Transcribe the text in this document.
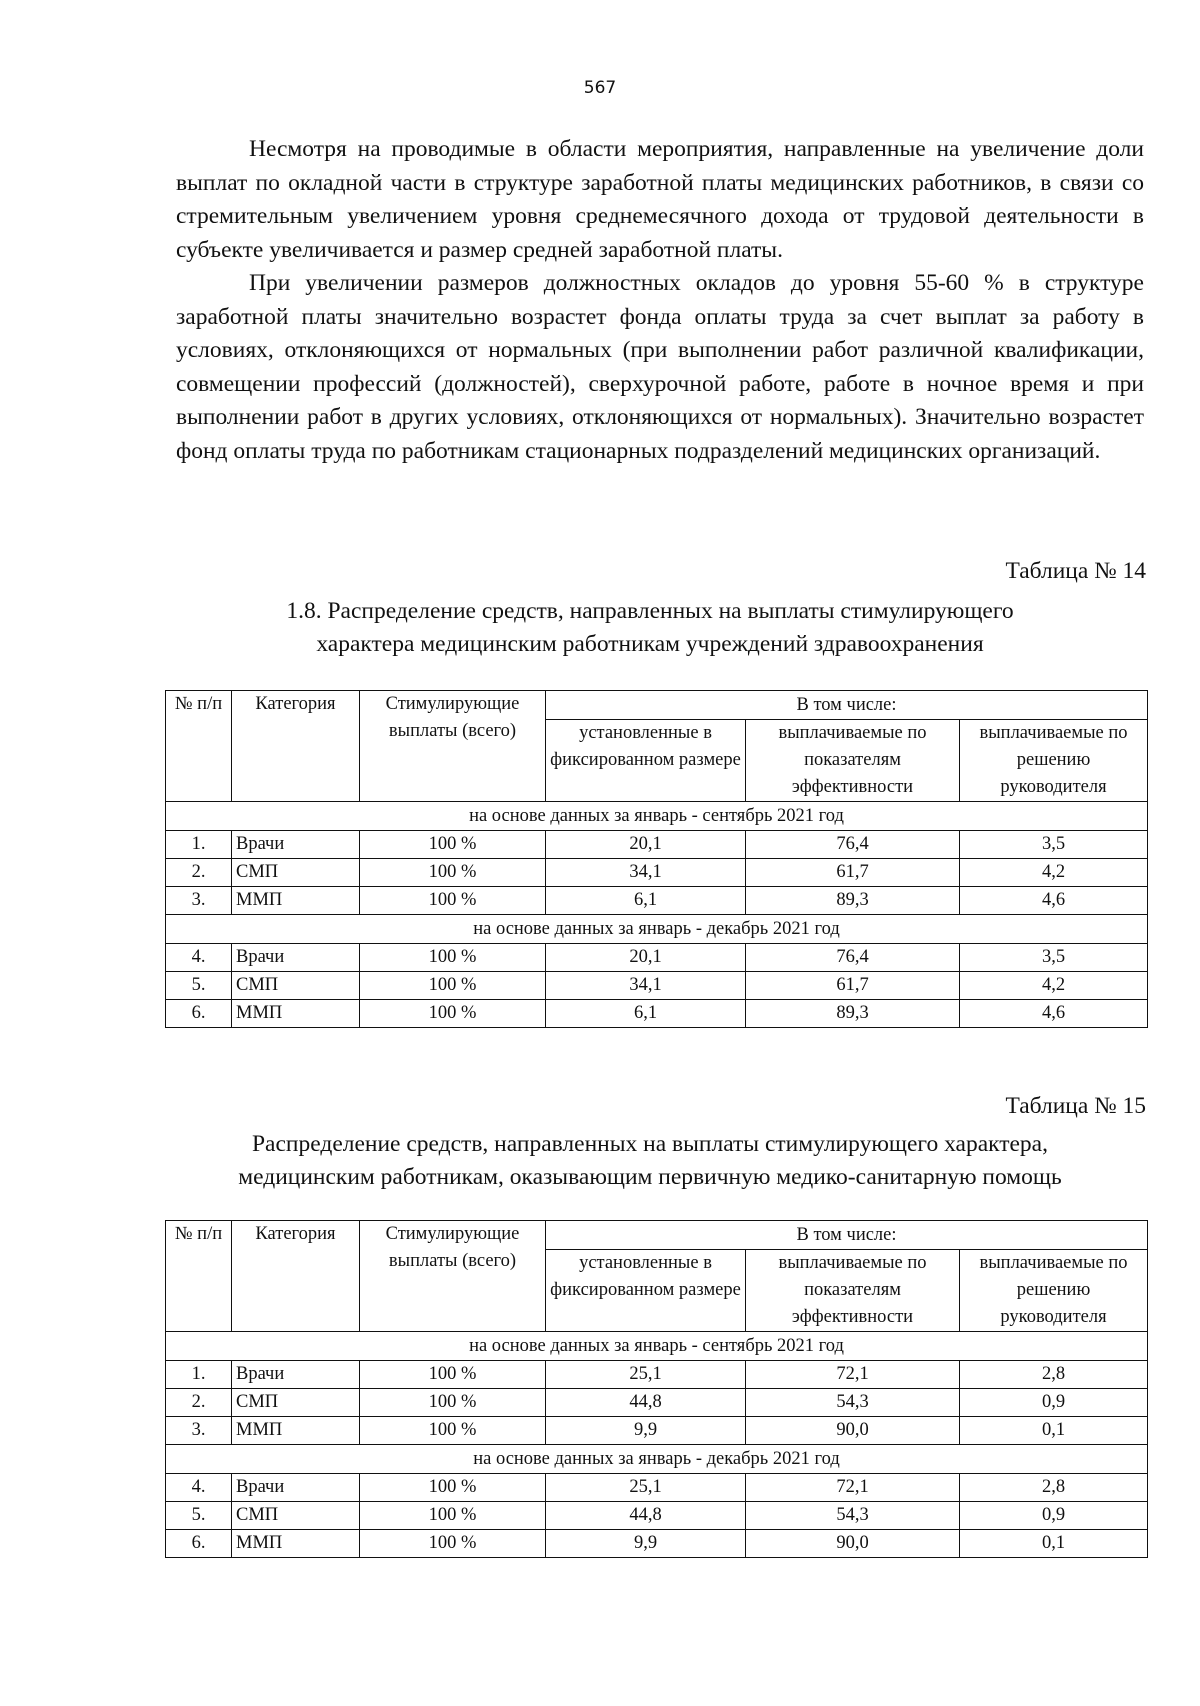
567

Несмотря на проводимые в области мероприятия, направленные на увеличение доли выплат по окладной части в структуре заработной платы медицинских работников, в связи со стремительным увеличением уровня среднемесячного дохода от трудовой деятельности в субъекте увеличивается и размер средней заработной платы.

При увеличении размеров должностных окладов до уровня 55-60 % в структуре заработной платы значительно возрастет фонда оплаты труда за счет выплат за работу в условиях, отклоняющихся от нормальных (при выполнении работ различной квалификации, совмещении профессий (должностей), сверхурочной работе, работе в ночное время и при выполнении работ в других условиях, отклоняющихся от нормальных). Значительно возрастет фонд оплаты труда по работникам стационарных подразделений медицинских организаций.

Таблица № 14
1.8. Распределение средств, направленных на выплаты стимулирующего
характера медицинским работникам учреждений здравоохранения
№ п/п	Категория	Стимулирующие выплаты (всего)	В том числе:		
			установленные в фиксированном размере	выплачиваемые по показателям эффективности	выплачиваемые по решению руководителя
на основе данных за январь - сентябрь 2021 год					
1.	Врачи	100 %	20,1	76,4	3,5
2.	СМП	100 %	34,1	61,7	4,2
3.	ММП	100 %	6,1	89,3	4,6
на основе данных за январь - декабрь 2021 год					
4.	Врачи	100 %	20,1	76,4	3,5
5.	СМП	100 %	34,1	61,7	4,2
6.	ММП	100 %	6,1	89,3	4,6
Таблица № 15
Распределение средств, направленных на выплаты стимулирующего характера,
медицинским работникам, оказывающим первичную медико-санитарную помощь
№ п/п	Категория	Стимулирующие выплаты (всего)	В том числе:		
			установленные в фиксированном размере	выплачиваемые по показателям эффективности	выплачиваемые по решению руководителя
на основе данных за январь - сентябрь 2021 год					
1.	Врачи	100 %	25,1	72,1	2,8
2.	СМП	100 %	44,8	54,3	0,9
3.	ММП	100 %	9,9	90,0	0,1
на основе данных за январь - декабрь 2021 год					
4.	Врачи	100 %	25,1	72,1	2,8
5.	СМП	100 %	44,8	54,3	0,9
6.	ММП	100 %	9,9	90,0	0,1
